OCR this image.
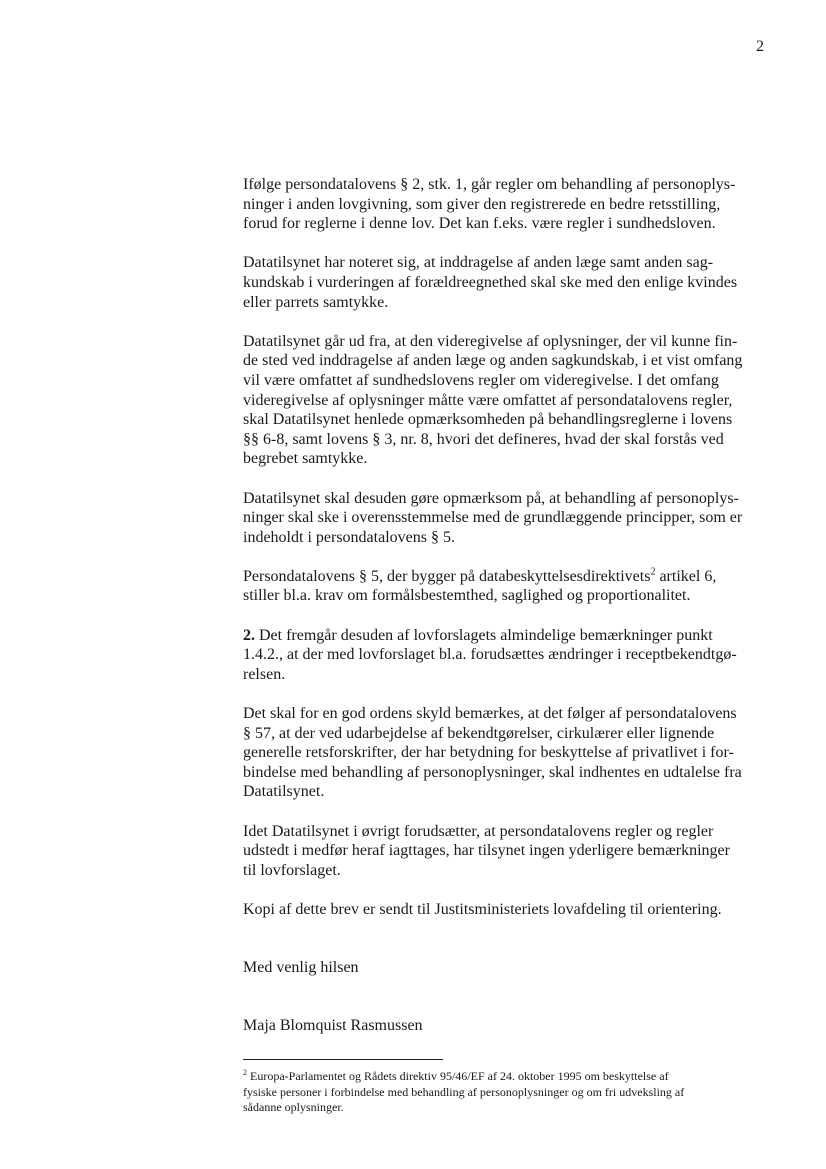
2

Ifølge persondatalovens § 2, stk. 1, går regler om behandling af personoplys-
ninger i anden lovgivning, som giver den registrerede en bedre retsstilling,
forud for reglerne i denne lov. Det kan f.eks. være regler i sundhedsloven.

Datatilsynet har noteret sig, at inddragelse af anden læge samt anden sag-
kundskab i vurderingen af forældreegnethed skal ske med den enlige kvindes
eller parrets samtykke.

Datatilsynet går ud fra, at den videregivelse af oplysninger, der vil kunne fin-
de sted ved inddragelse af anden læge og anden sagkundskab, i et vist omfang
vil være omfattet af sundhedslovens regler om videregivelse. I det omfang
videregivelse af oplysninger måtte være omfattet af persondatalovens regler,
skal Datatilsynet henlede opmærksomheden på behandlingsreglerne i lovens
§§ 6-8, samt lovens § 3, nr. 8, hvori det defineres, hvad der skal forstås ved
begrebet samtykke.

Datatilsynet skal desuden gøre opmærksom på, at behandling af personoplys-
ninger skal ske i overensstemmelse med de grundlæggende principper, som er
indeholdt i persondatalovens § 5.

Persondatalovens § 5, der bygger på databeskyttelsesdirektivets$^2$ artikel 6,
stiller bl.a. krav om formålsbestemthed, saglighed og proportionalitet.

2. Det fremgår desuden af lovforslagets almindelige bemærkninger punkt
1.4.2., at der med lovforslaget bl.a. forudsættes ændringer i receptbekendtgø-
relsen.

Det skal for en god ordens skyld bemærkes, at det følger af persondatalovens
§ 57, at der ved udarbejdelse af bekendtgørelser, cirkulærer eller lignende
generelle retsforskrifter, der har betydning for beskyttelse af privatlivet i for-
bindelse med behandling af personoplysninger, skal indhentes en udtalelse fra
Datatilsynet.

Idet Datatilsynet i øvrigt forudsætter, at persondatalovens regler og regler
udstedt i medfør heraf iagttages, har tilsynet ingen yderligere bemærkninger
til lovforslaget.

Kopi af dette brev er sendt til Justitsministeriets lovafdeling til orientering.

Med venlig hilsen
Maja Blomquist Rasmussen
$^2$ Europa-Parlamentet og Rådets direktiv 95/46/EF af 24. oktober 1995 om beskyttelse af
fysiske personer i forbindelse med behandling af personoplysninger og om fri udveksling af
sådanne oplysninger.
